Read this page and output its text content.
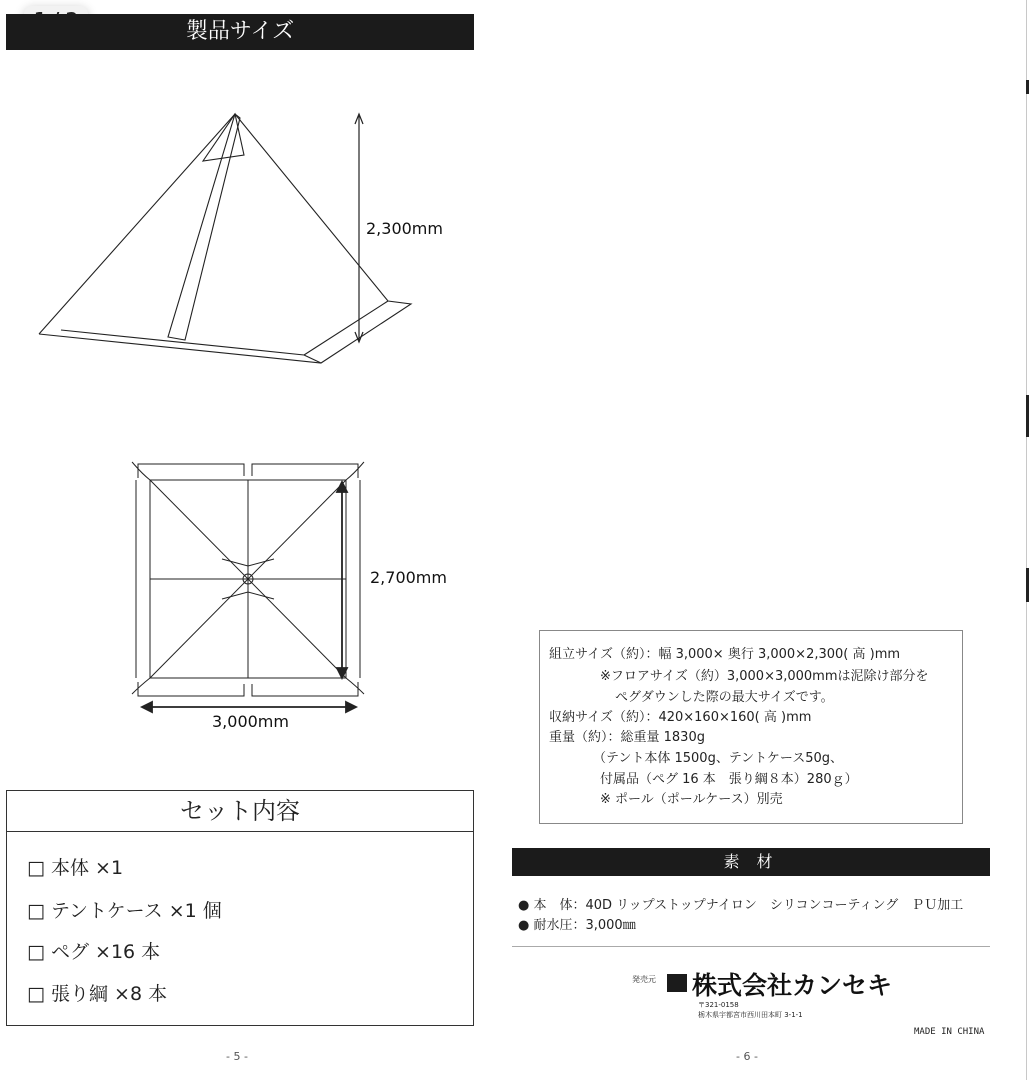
製品サイズ
2,300mm
2,700mm
3,000mm
セット内容
□ 本体 ×1
□ テントケース ×1 個
□ ペグ ×16 本
□ 張り綱 ×8 本
- 5 -
組立サイズ（約）：幅 3,000× 奥行 3,000×2,300( 高 )mm
※フロアサイズ（約）3,000×3,000mmは泥除け部分を
ペグダウンした際の最大サイズです。
収納サイズ（約）：420×160×160( 高 )mm
重量（約）：総重量 1830g
（テント本体 1500g、テントケース50g、
付属品（ペグ 16 本　張り綱８本）280ｇ）
※ ポール（ポールケース）別売
素 材
● 本　体：40D リップストップナイロン　シリコンコーティング　ＰＵ加工
● 耐水圧：3,000㎜
発売元 株式会社カンセキ
〒321-0158
栃木県宇都宮市西川田本町 3-1-1
MADE IN CHINA
- 6 -
